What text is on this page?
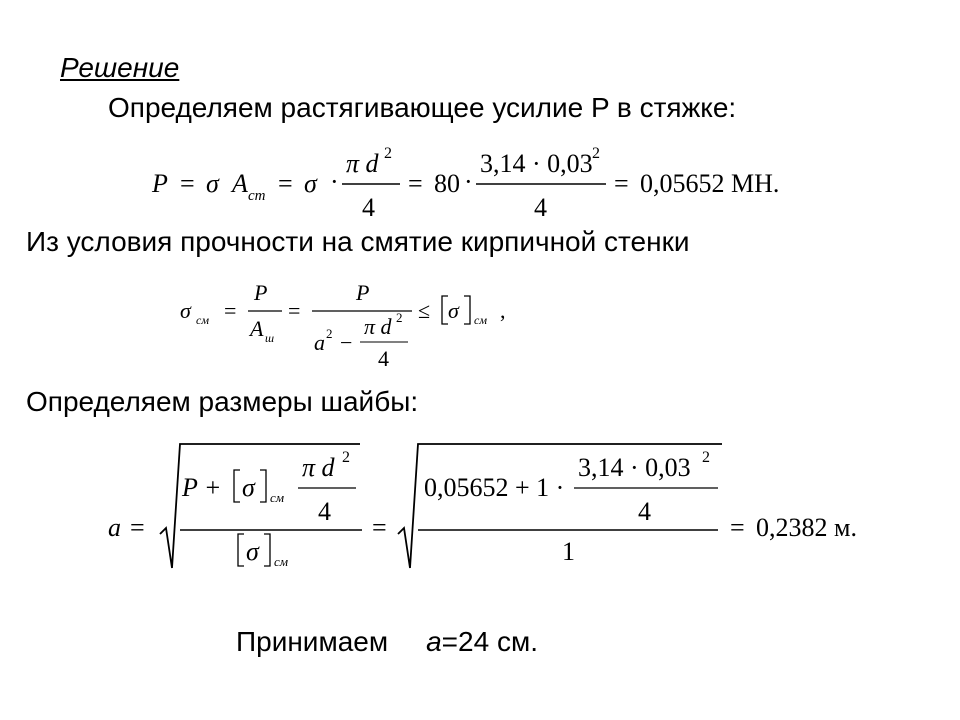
Решение
Определяем растягивающее усилие P в стяжке:
P = σ A ст = σ ·
π d 2
4
= 80 ·
3,14 · 0,03 2
4
= 0,05652 МН.
Из условия прочности на смятие кирпичной стенки
σ см =
P
A ш
=
P
a 2 −
π d 2
4
≤ σ см ,
Определяем размеры шайбы:
a =
P + σ см
π d 2
4
σ см
=
3,14 · 0,03 2
0,05652 + 1 ·
4
1
= 0,2382 м.
Принимаем a=24 см.
